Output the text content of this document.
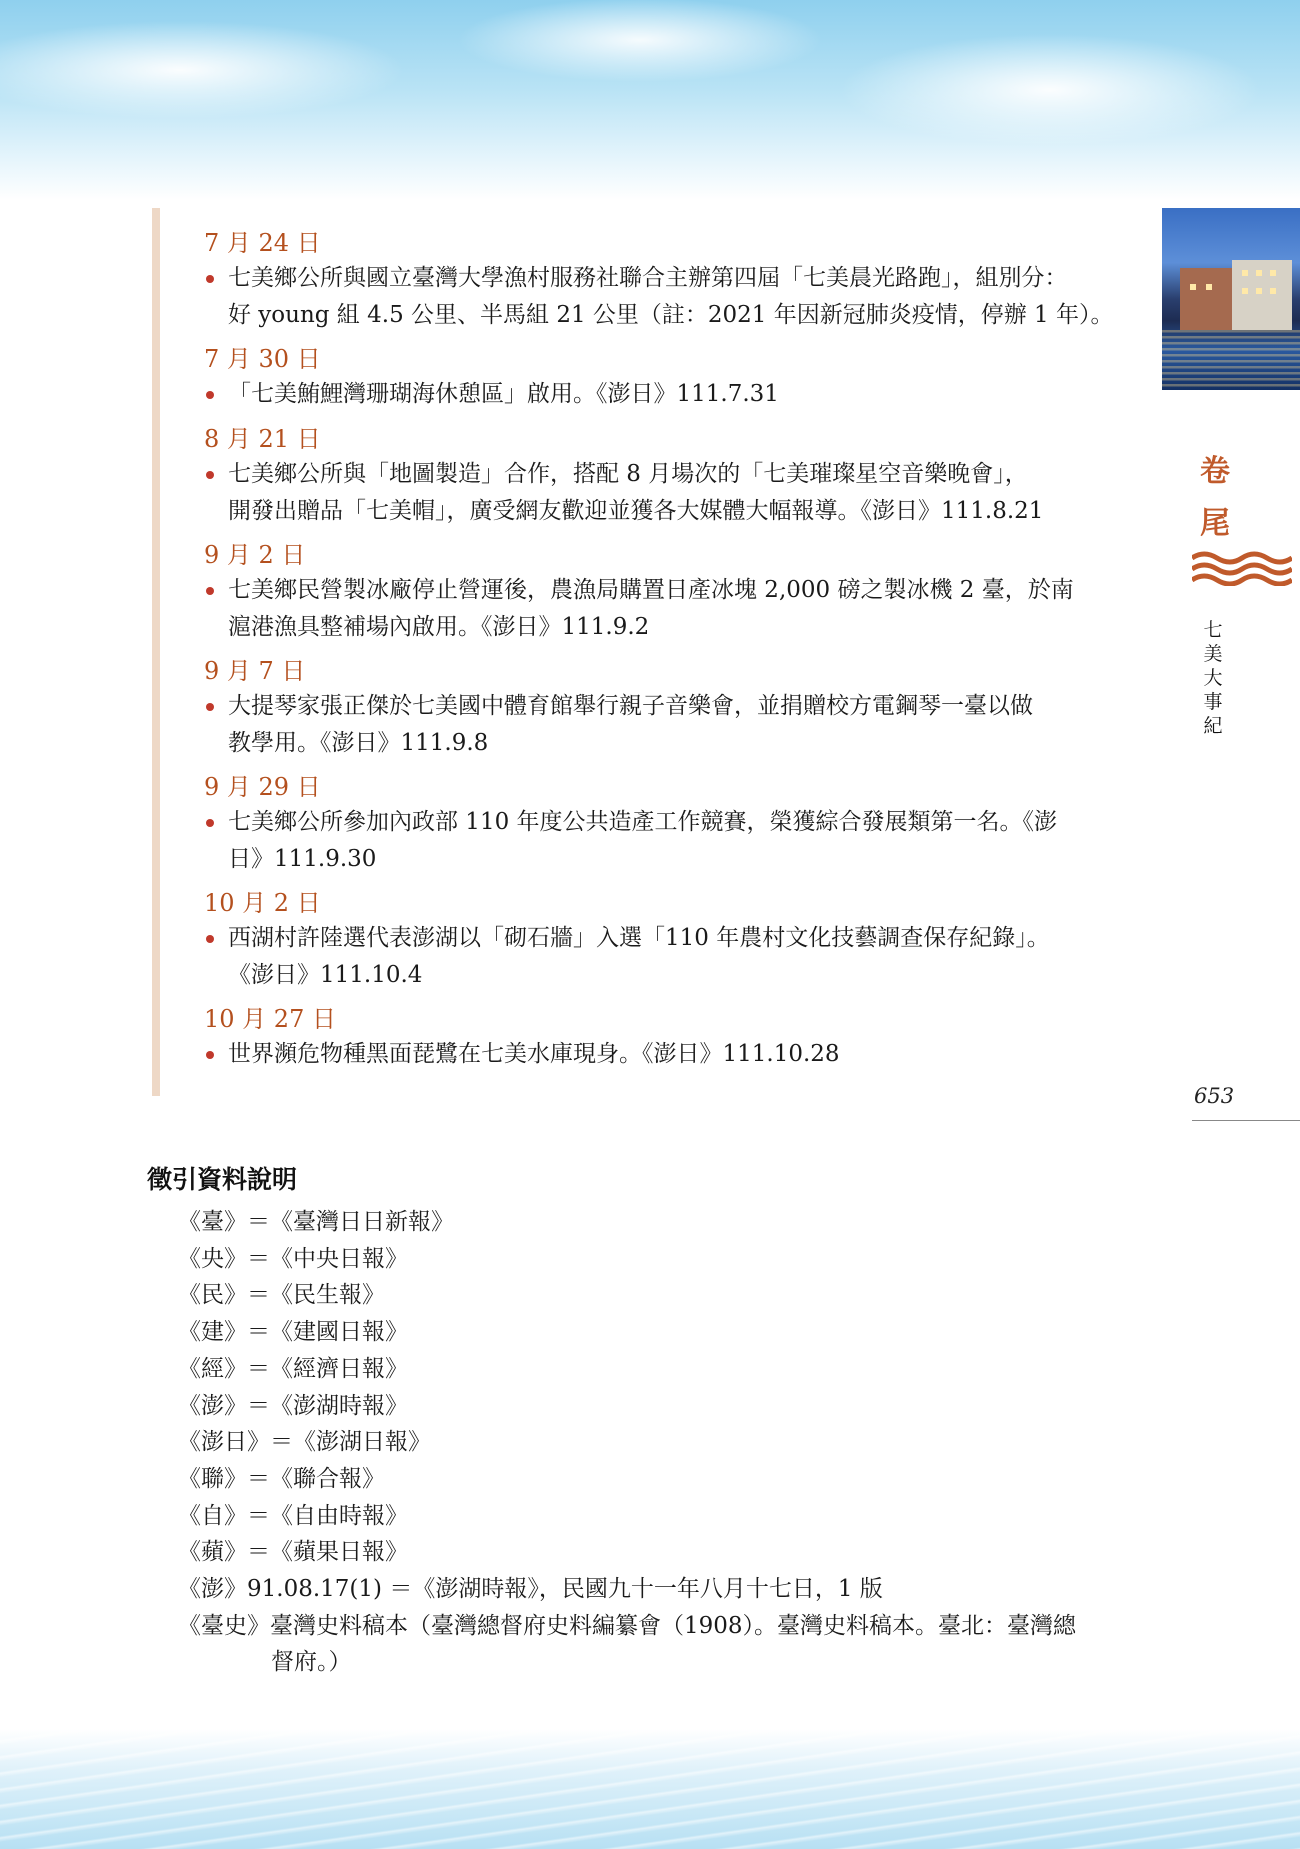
卷
尾
七
美
大
事
紀
653
7 月 24 日
七美鄉公所與國立臺灣大學漁村服務社聯合主辦第四屆「七美晨光路跑」，組別分：
好 young 組 4.5 公里、半馬組 21 公里（註：2021 年因新冠肺炎疫情，停辦 1 年）。
7 月 30 日
「七美鮪鯉灣珊瑚海休憩區」啟用。《澎日》111.7.31
8 月 21 日
七美鄉公所與「地圖製造」合作，搭配 8 月場次的「七美璀璨星空音樂晚會」，
開發出贈品「七美帽」，廣受網友歡迎並獲各大媒體大幅報導。《澎日》111.8.21
9 月 2 日
七美鄉民營製冰廠停止營運後，農漁局購置日產冰塊 2,000 磅之製冰機 2 臺，於南
滬港漁具整補場內啟用。《澎日》111.9.2
9 月 7 日
大提琴家張正傑於七美國中體育館舉行親子音樂會，並捐贈校方電鋼琴一臺以做
教學用。《澎日》111.9.8
9 月 29 日
七美鄉公所參加內政部 110 年度公共造產工作競賽，榮獲綜合發展類第一名。《澎
日》111.9.30
10 月 2 日
西湖村許陸選代表澎湖以「砌石牆」入選「110 年農村文化技藝調查保存紀錄」。
《澎日》111.10.4
10 月 27 日
世界瀕危物種黑面琵鷺在七美水庫現身。《澎日》111.10.28
徵引資料說明
《臺》＝《臺灣日日新報》
《央》＝《中央日報》
《民》＝《民生報》
《建》＝《建國日報》
《經》＝《經濟日報》
《澎》＝《澎湖時報》
《澎日》＝《澎湖日報》
《聯》＝《聯合報》
《自》＝《自由時報》
《蘋》＝《蘋果日報》
《澎》91.08.17(1) ＝《澎湖時報》，民國九十一年八月十七日，1 版
《臺史》臺灣史料稿本（臺灣總督府史料編纂會（1908）。臺灣史料稿本。臺北：臺灣總
督府。）
